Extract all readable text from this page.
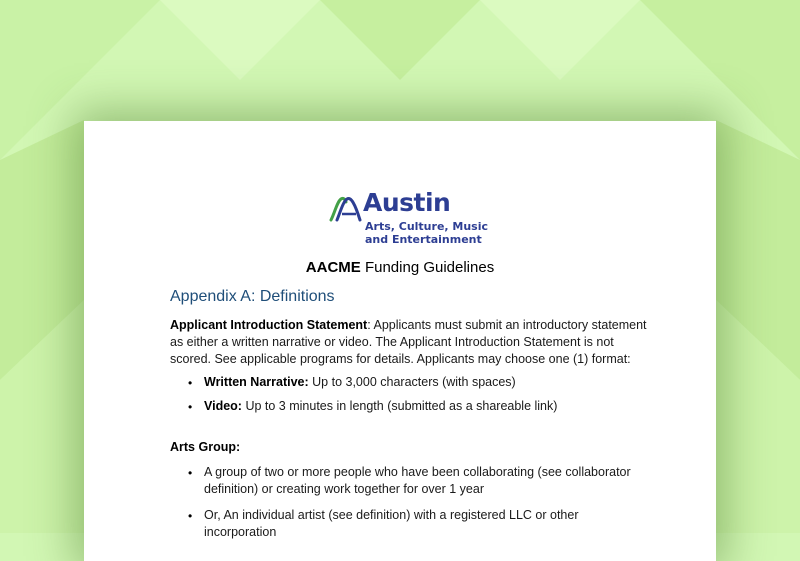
Austin
Arts, Culture, Music
and Entertainment
AACME Funding Guidelines
Appendix A: Definitions
Applicant Introduction Statement: Applicants must submit an introductory statement as either a written narrative or video. The Applicant Introduction Statement is not scored. See applicable programs for details. Applicants may choose one (1) format:
• Written Narrative: Up to 3,000 characters (with spaces)
• Video: Up to 3 minutes in length (submitted as a shareable link)
Arts Group:
• A group of two or more people who have been collaborating (see collaborator definition) or creating work together for over 1 year
• Or, An individual artist (see definition) with a registered LLC or other incorporation
